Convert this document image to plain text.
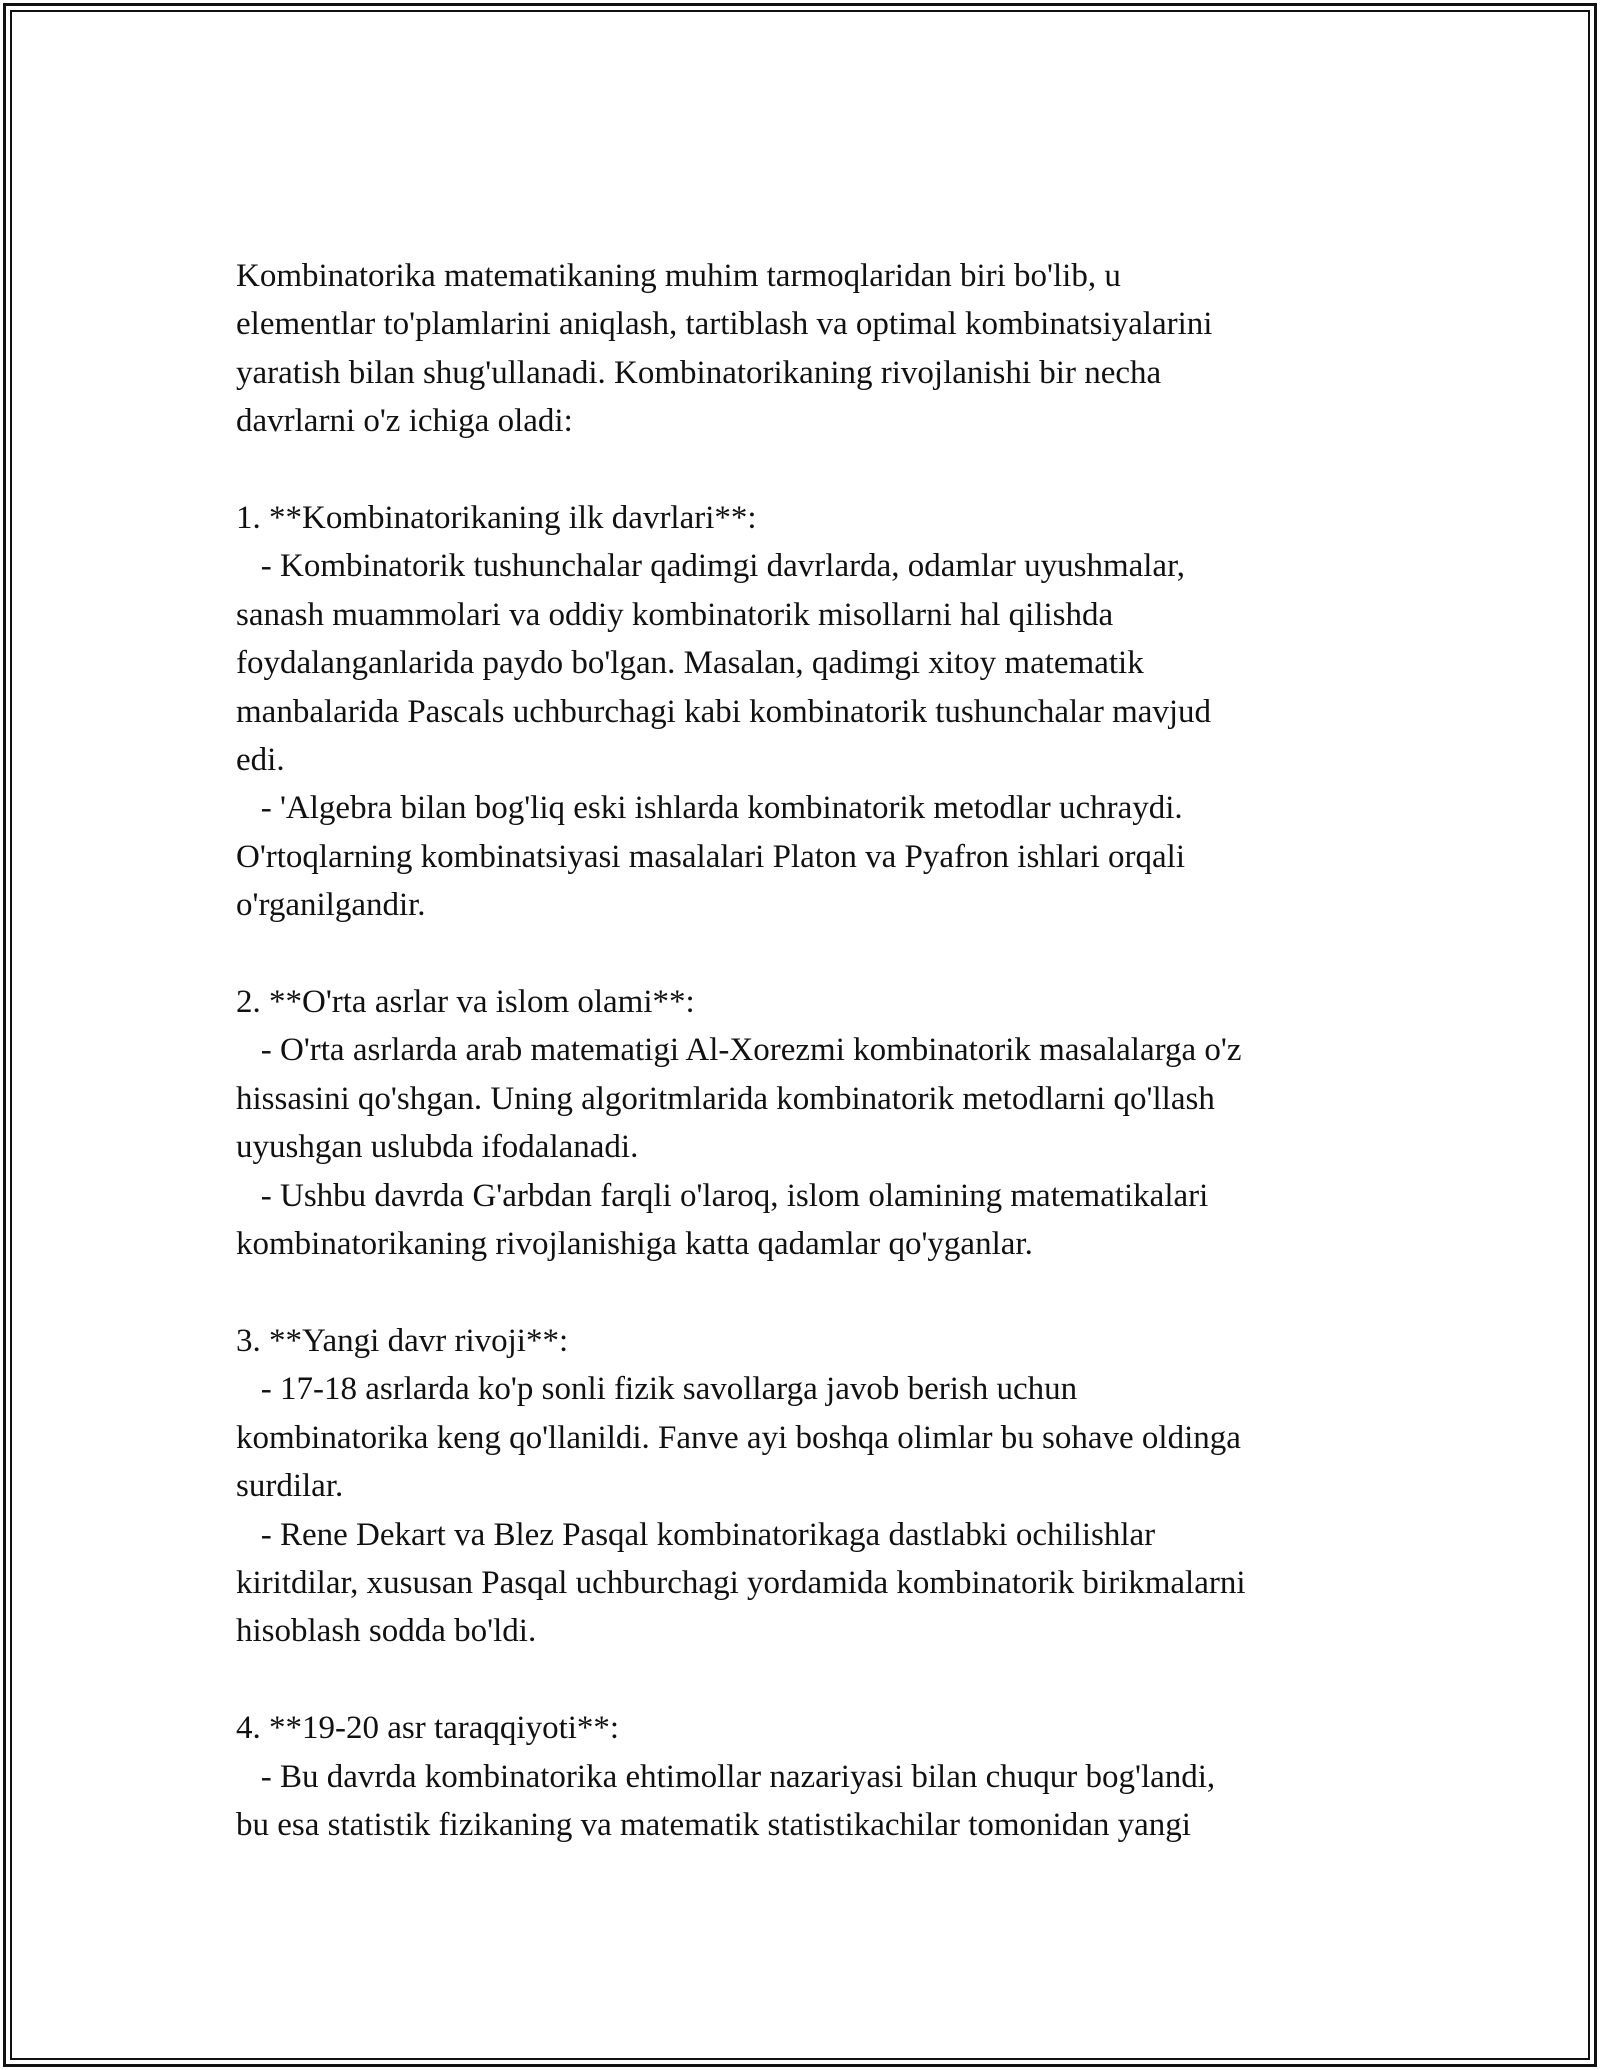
Kombinatorika matematikaning muhim tarmoqlaridan biri bo'lib, u
elementlar to'plamlarini aniqlash, tartiblash va optimal kombinatsiyalarini
yaratish bilan shug'ullanadi. Kombinatorikaning rivojlanishi bir necha
davrlarni o'z ichiga oladi:
1. **Kombinatorikaning ilk davrlari**:
- Kombinatorik tushunchalar qadimgi davrlarda, odamlar uyushmalar,
sanash muammolari va oddiy kombinatorik misollarni hal qilishda
foydalanganlarida paydo bo'lgan. Masalan, qadimgi xitoy matematik
manbalarida Pascals uchburchagi kabi kombinatorik tushunchalar mavjud
edi.
- 'Algebra bilan bog'liq eski ishlarda kombinatorik metodlar uchraydi.
O'rtoqlarning kombinatsiyasi masalalari Platon va Pyafron ishlari orqali
o'rganilgandir.
2. **O'rta asrlar va islom olami**:
- O'rta asrlarda arab matematigi Al-Xorezmi kombinatorik masalalarga o'z
hissasini qo'shgan. Uning algoritmlarida kombinatorik metodlarni qo'llash
uyushgan uslubda ifodalanadi.
- Ushbu davrda G'arbdan farqli o'laroq, islom olamining matematikalari
kombinatorikaning rivojlanishiga katta qadamlar qo'yganlar.
3. **Yangi davr rivoji**:
- 17-18 asrlarda ko'p sonli fizik savollarga javob berish uchun
kombinatorika keng qo'llanildi. Fanve ayi boshqa olimlar bu sohave oldinga
surdilar.
- Rene Dekart va Blez Pasqal kombinatorikaga dastlabki ochilishlar
kiritdilar, xususan Pasqal uchburchagi yordamida kombinatorik birikmalarni
hisoblash sodda bo'ldi.
4. **19-20 asr taraqqiyoti**:
- Bu davrda kombinatorika ehtimollar nazariyasi bilan chuqur bog'landi,
bu esa statistik fizikaning va matematik statistikachilar tomonidan yangi
